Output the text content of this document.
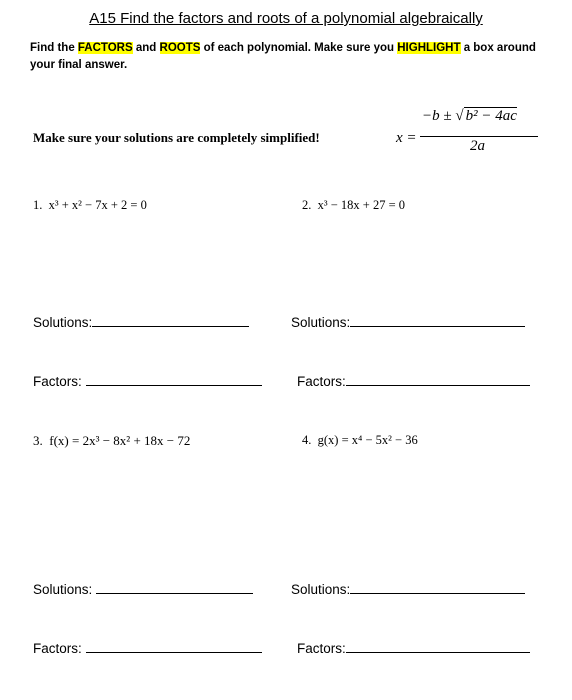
A15 Find the factors and roots of a polynomial algebraically
Find the FACTORS and ROOTS of each polynomial. Make sure you HIGHLIGHT a box around your final answer.
Make sure your solutions are completely simplified!	x =
−b ± √ b² − 4ac
2a
1. x³ + x² − 7x + 2 = 0	2. x³ − 18x + 27 = 0
Solutions:	Solutions:
Factors:	Factors:
3. f(x) = 2x³ − 8x² + 18x − 72	4. g(x) = x⁴ − 5x² − 36
Solutions:	Solutions:
Factors:	Factors:
